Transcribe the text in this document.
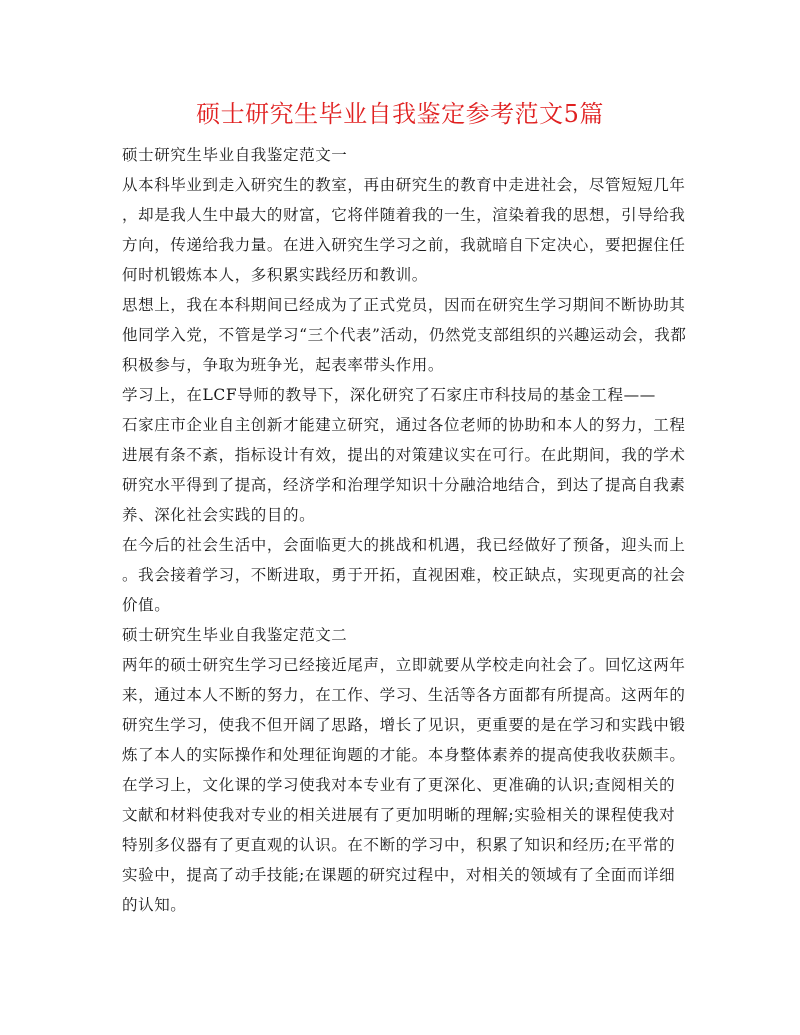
硕士研究生毕业自我鉴定参考范文5篇
硕士研究生毕业自我鉴定范文一
从本科毕业到走入研究生的教室，再由研究生的教育中走进社会，尽管短短几年
，却是我人生中最大的财富，它将伴随着我的一生，渲染着我的思想，引导给我
方向，传递给我力量。在进入研究生学习之前，我就暗自下定决心，要把握住任
何时机锻炼本人，多积累实践经历和教训。
思想上，我在本科期间已经成为了正式党员，因而在研究生学习期间不断协助其
他同学入党，不管是学习“三个代表”活动，仍然党支部组织的兴趣运动会，我都
积极参与，争取为班争光，起表率带头作用。
学习上，在LCF导师的教导下，深化研究了石家庄市科技局的基金工程——
石家庄市企业自主创新才能建立研究，通过各位老师的协助和本人的努力，工程
进展有条不紊，指标设计有效，提出的对策建议实在可行。在此期间，我的学术
研究水平得到了提高，经济学和治理学知识十分融洽地结合，到达了提高自我素
养、深化社会实践的目的。
在今后的社会生活中，会面临更大的挑战和机遇，我已经做好了预备，迎头而上
。我会接着学习，不断进取，勇于开拓，直视困难，校正缺点，实现更高的社会
价值。
硕士研究生毕业自我鉴定范文二
两年的硕士研究生学习已经接近尾声，立即就要从学校走向社会了。回忆这两年
来，通过本人不断的努力，在工作、学习、生活等各方面都有所提高。这两年的
研究生学习，使我不但开阔了思路，增长了见识，更重要的是在学习和实践中锻
炼了本人的实际操作和处理征询题的才能。本身整体素养的提高使我收获颇丰。
在学习上，文化课的学习使我对本专业有了更深化、更准确的认识;查阅相关的
文献和材料使我对专业的相关进展有了更加明晰的理解;实验相关的课程使我对
特别多仪器有了更直观的认识。在不断的学习中，积累了知识和经历;在平常的
实验中，提高了动手技能;在课题的研究过程中，对相关的领域有了全面而详细
的认知。
